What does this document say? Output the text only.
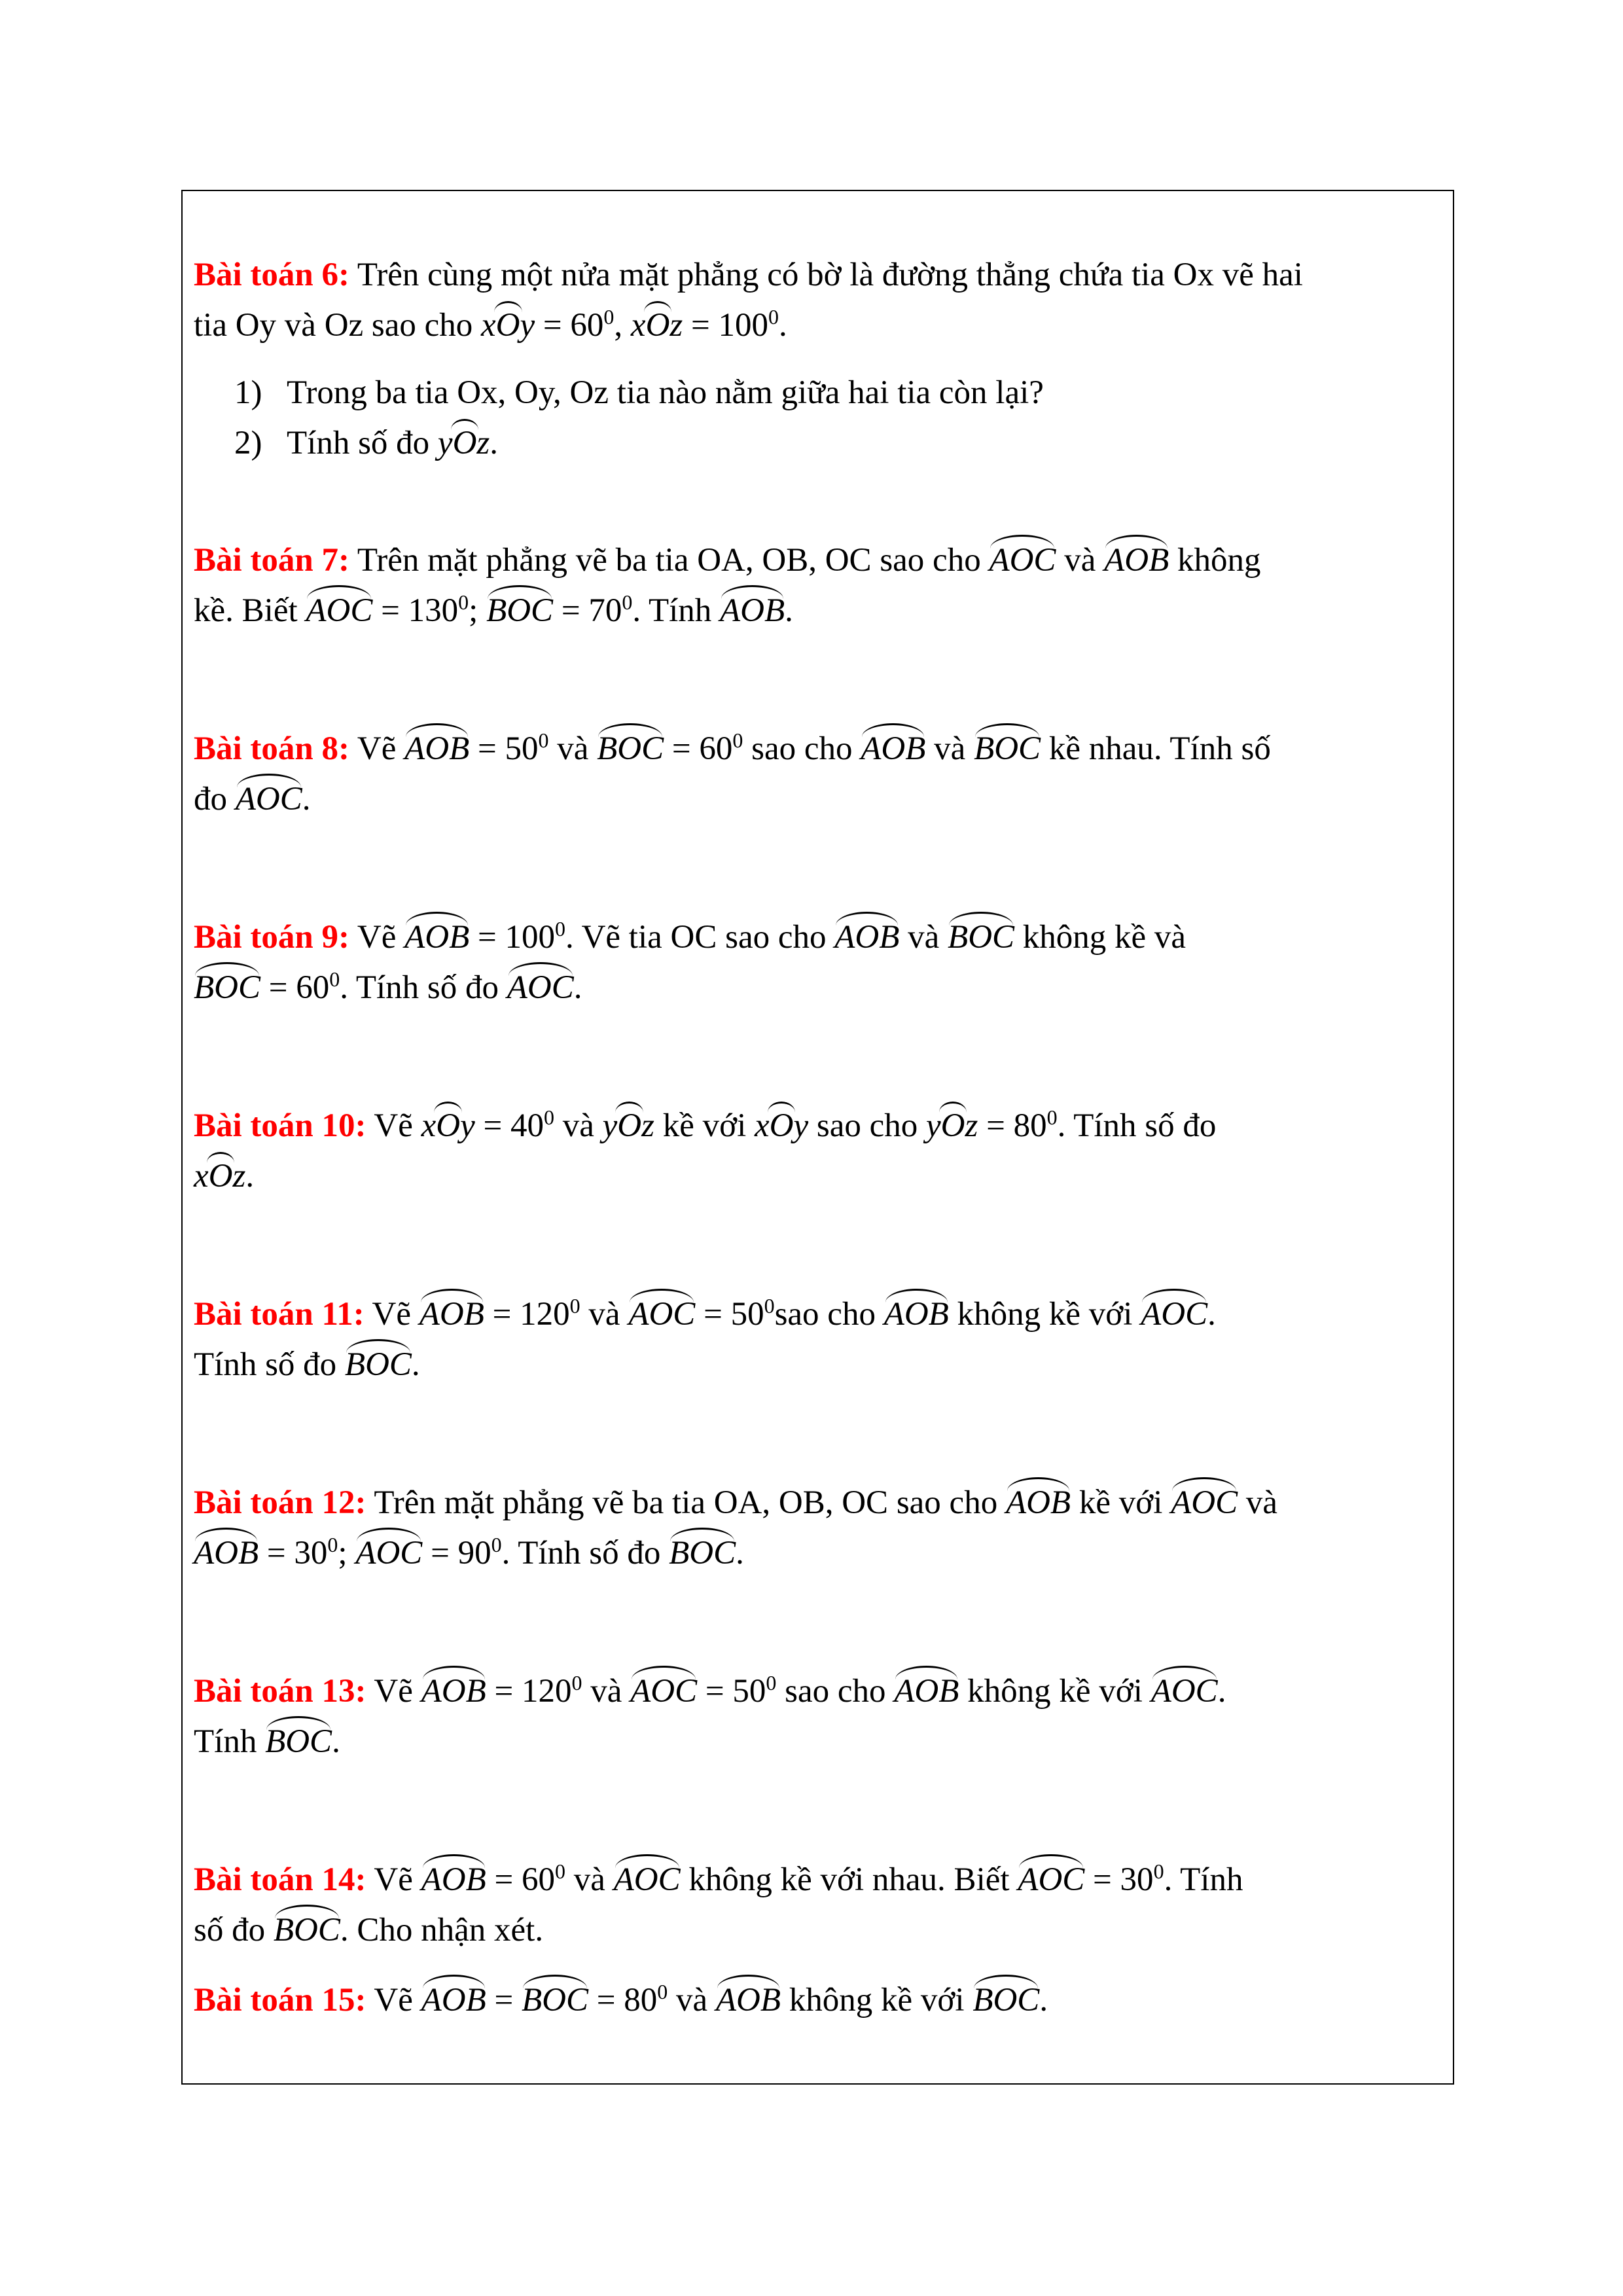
Bài toán 6: Trên cùng một nửa mặt phẳng có bờ là đường thẳng chứa tia Ox vẽ hai
tia Oy và Oz sao cho xOy = $60^0$, xOz = $100^0$.
1) Trong ba tia Ox, Oy, Oz tia nào nằm giữa hai tia còn lại?
2) Tính số đo yOz.
Bài toán 7: Trên mặt phẳng vẽ ba tia OA, OB, OC sao cho AOC và AOB không
kề. Biết AOC = $130^0$; BOC = $70^0$. Tính AOB.
Bài toán 8: Vẽ AOB = $50^0$ và BOC = $60^0$ sao cho AOB và BOC kề nhau. Tính số
đo AOC.
Bài toán 9: Vẽ AOB = $100^0$. Vẽ tia OC sao cho AOB và BOC không kề và
BOC = $60^0$. Tính số đo AOC.
Bài toán 10: Vẽ xOy = $40^0$ và yOz kề với xOy sao cho yOz = $80^0$. Tính số đo
xOz.
Bài toán 11: Vẽ AOB = $120^0$ và AOC = $50^0sao$ cho AOB không kề với AOC.
Tính số đo BOC.
Bài toán 12: Trên mặt phẳng vẽ ba tia OA, OB, OC sao cho AOB kề với AOC và
AOB = $30^0$; AOC = $90^0$. Tính số đo BOC.
Bài toán 13: Vẽ AOB = $120^0$ và AOC = $50^0$ sao cho AOB không kề với AOC.
Tính BOC.
Bài toán 14: Vẽ AOB = $60^0$ và AOC không kề với nhau. Biết AOC = $30^0$. Tính
số đo BOC. Cho nhận xét.
Bài toán 15: Vẽ AOB = BOC = $80^0$ và AOB không kề với BOC.
